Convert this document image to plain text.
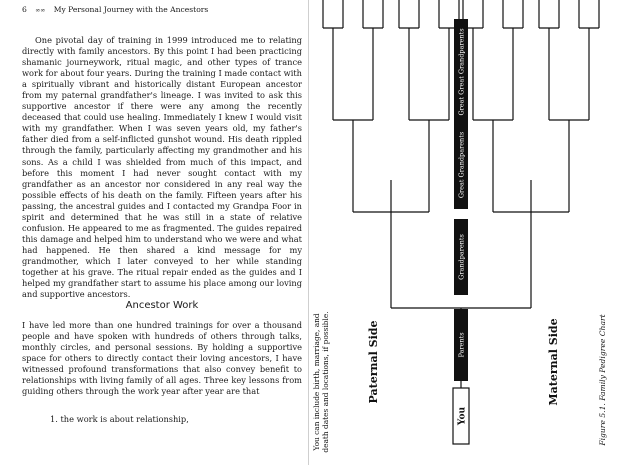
6 ∞∞ My Personal Journey with the Ancestors
One pivotal day of training in 1999 introduced me to relating directly with family ancestors. By this point I had been practicing shamanic journeywork, ritual magic, and other types of trance work for about four years. During the training I made contact with a spiritually vibrant and historically distant European ancestor from my paternal grandfather's lineage. I was invited to ask this supportive ancestor if there were any among the recently deceased that could use healing. Immediately I knew I would visit with my grandfather. When I was seven years old, my father's father died from a self-inflicted gunshot wound. His death rippled through the family, particularly affecting my grandmother and his sons. As a child I was shielded from much of this impact, and before this moment I had never sought contact with my grandfather as an ancestor nor considered in any real way the possible effects of his death on the family. Fifteen years after his passing, the ancestral guides and I contacted my Grandpa Foor in spirit and determined that he was still in a state of relative confusion. He appeared to me as fragmented. The guides repaired this damage and helped him to understand who we were and what had happened. He then shared a kind message for my grandmother, which I later conveyed to her while standing together at his grave. The ritual repair ended as the guides and I helped my grandfather start to assume his place among our loving and supportive ancestors.
Ancestor Work
I have led more than one hundred trainings for over a thousand people and have spoken with hundreds of others through talks, monthly circles, and personal sessions. By holding a supportive space for others to directly contact their loving ancestors, I have witnessed profound transformations that also convey benefit to relationships with living family of all ages. Three key lessons from guiding others through the work year after year are that
1. the work is about relationship,	You
Parents
Grandparents
Great Grandparents
Great Great Grandparents
Paternal Side	Maternal Side
You can include birth, marriage, and death dates and locations, if possible.	Figure 5.1. Family Pedigree Chart
